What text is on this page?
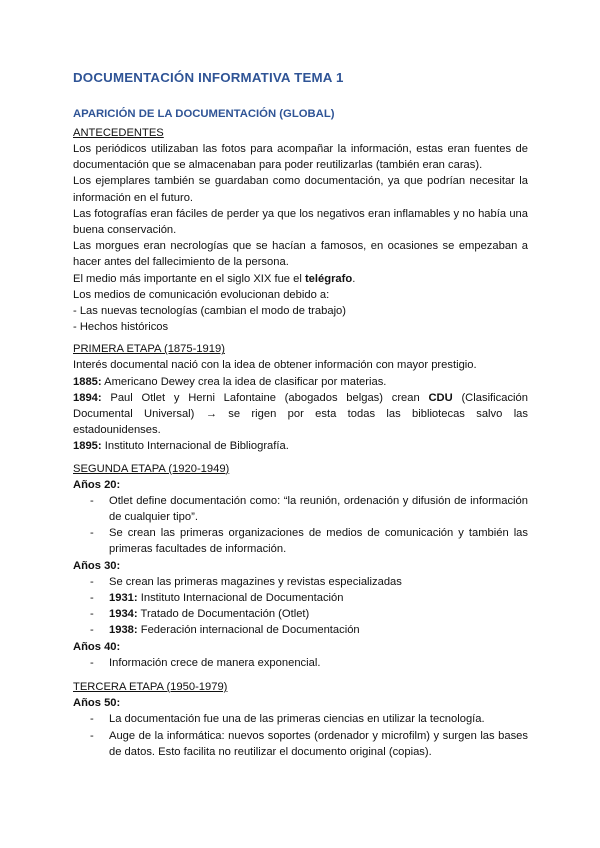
DOCUMENTACIÓN INFORMATIVA TEMA 1
APARICIÓN DE LA DOCUMENTACIÓN (GLOBAL)

ANTECEDENTES

Los periódicos utilizaban las fotos para acompañar la información, estas eran fuentes de documentación que se almacenaban para poder reutilizarlas (también eran caras).

Los ejemplares también se guardaban como documentación, ya que podrían necesitar la información en el futuro.

Las fotografías eran fáciles de perder ya que los negativos eran inflamables y no había una buena conservación.

Las morgues eran necrologías que se hacían a famosos, en ocasiones se empezaban a hacer antes del fallecimiento de la persona.

El medio más importante en el siglo XIX fue el telégrafo.

Los medios de comunicación evolucionan debido a:

- Las nuevas tecnologías (cambian el modo de trabajo)

- Hechos históricos

PRIMERA ETAPA (1875-1919)

Interés documental nació con la idea de obtener información con mayor prestigio.

1885: Americano Dewey crea la idea de clasificar por materias.

1894: Paul Otlet y Herni Lafontaine (abogados belgas) crean CDU (Clasificación Documental Universal) → se rigen por esta todas las bibliotecas salvo las estadounidenses.

1895: Instituto Internacional de Bibliografía.

SEGUNDA ETAPA (1920-1949)

Años 20:

- Otlet define documentación como: “la reunión, ordenación y difusión de información de cualquier tipo”.
- Se crean las primeras organizaciones de medios de comunicación y también las primeras facultades de información.

Años 30:

- Se crean las primeras magazines y revistas especializadas
- 1931: Instituto Internacional de Documentación
- 1934: Tratado de Documentación (Otlet)
- 1938: Federación internacional de Documentación

Años 40:

- Información crece de manera exponencial.

TERCERA ETAPA (1950-1979)

Años 50:

- La documentación fue una de las primeras ciencias en utilizar la tecnología.
- Auge de la informática: nuevos soportes (ordenador y microfilm) y surgen las bases de datos. Esto facilita no reutilizar el documento original (copias).
